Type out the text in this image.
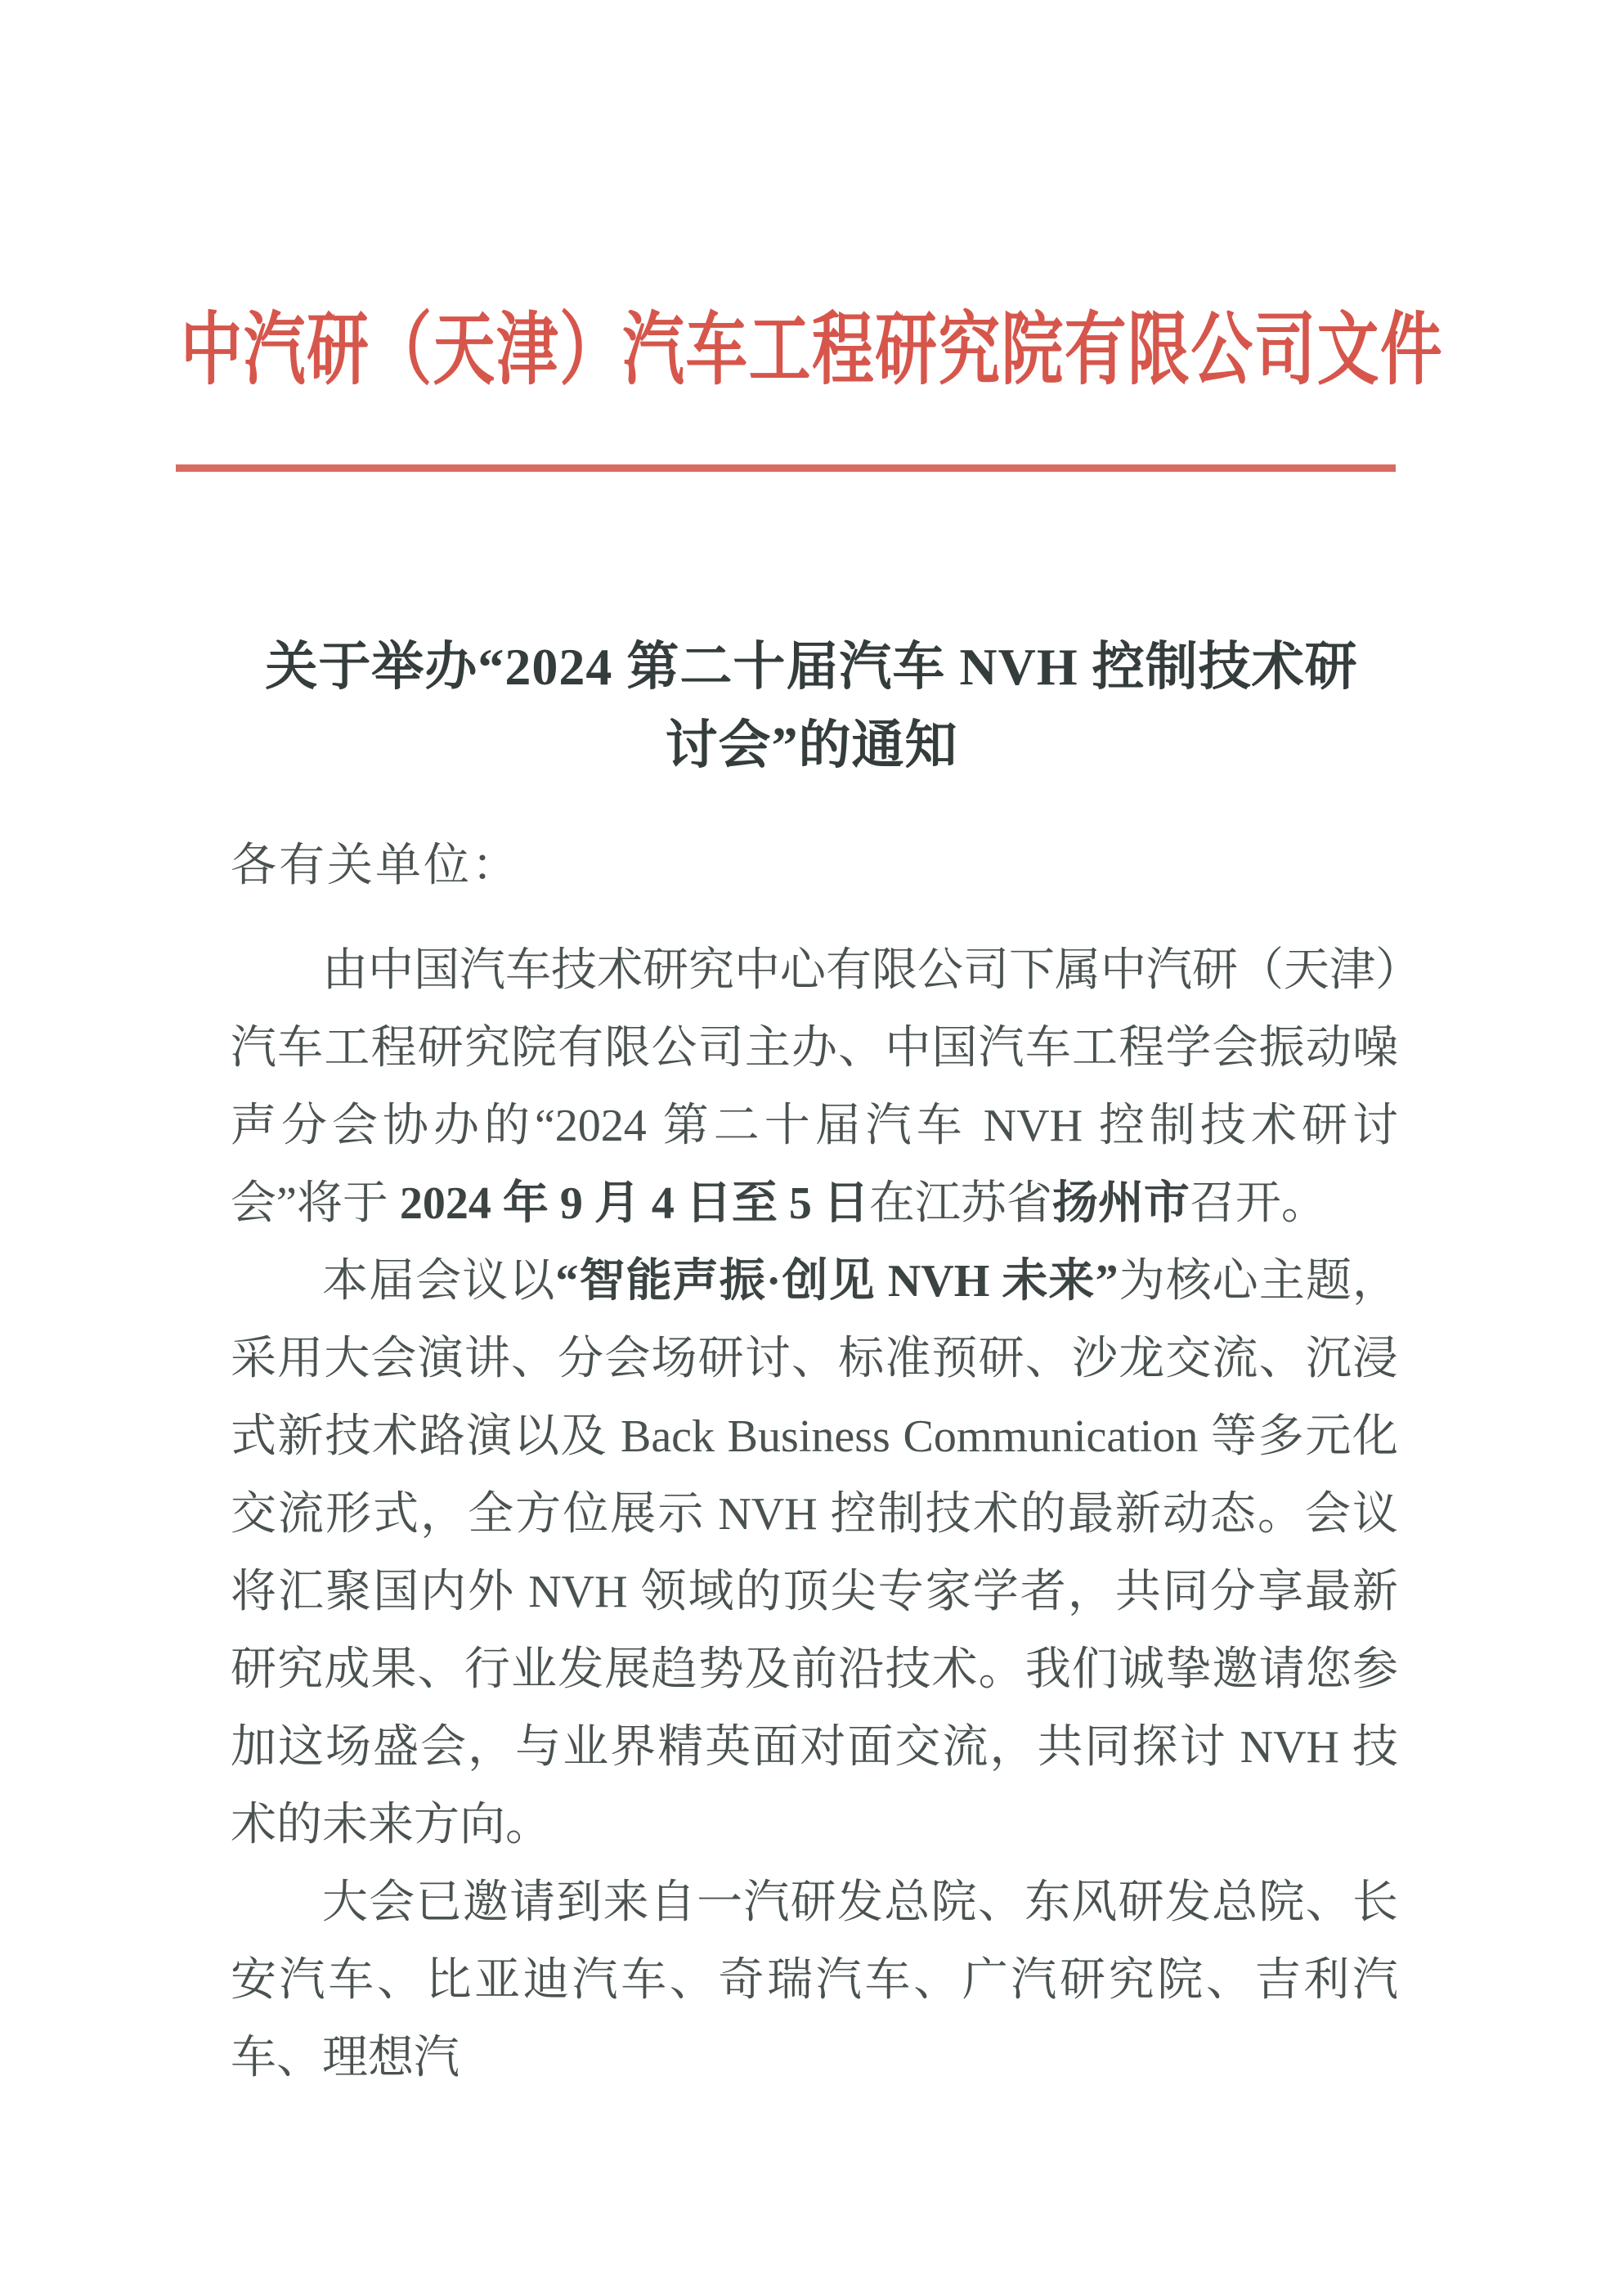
中汽研（天津）汽车工程研究院有限公司文件
关于举办“2024 第二十届汽车 NVH 控制技术研
讨会”的通知
各有关单位：

由中国汽车技术研究中心有限公司下属中汽研（天津）汽车工程研究院有限公司主办、中国汽车工程学会振动噪声分会协办的“2024 第二十届汽车 NVH 控制技术研讨会”将于 2024 年 9 月 4 日至 5 日在江苏省扬州市召开。

本届会议以“智能声振·创见 NVH 未来”为核心主题，采用大会演讲、分会场研讨、标准预研、沙龙交流、沉浸式新技术路演以及 Back Business Communication 等多元化交流形式，全方位展示 NVH 控制技术的最新动态。会议将汇聚国内外 NVH 领域的顶尖专家学者，共同分享最新研究成果、行业发展趋势及前沿技术。我们诚挚邀请您参加这场盛会，与业界精英面对面交流，共同探讨 NVH 技术的未来方向。

大会已邀请到来自一汽研发总院、东风研发总院、长安汽车、比亚迪汽车、奇瑞汽车、广汽研究院、吉利汽车、理想汽
